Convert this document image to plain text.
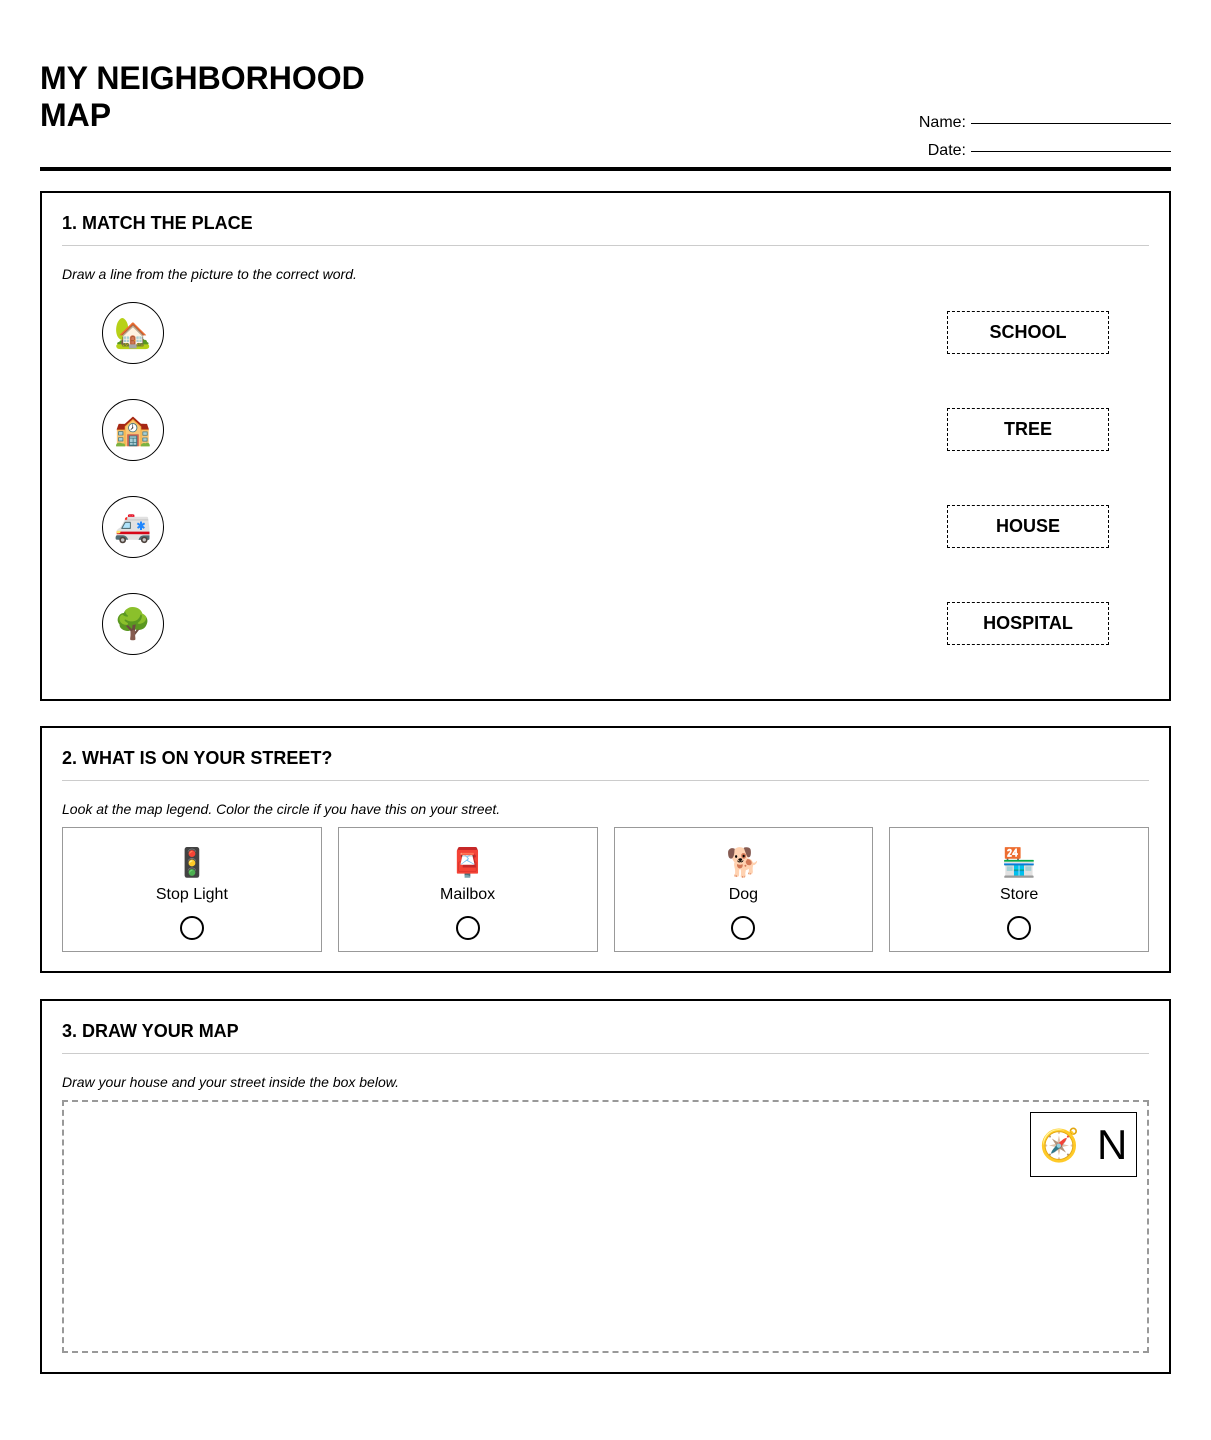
MY NEIGHBORHOOD MAP	Name:
Date:
1. MATCH THE PLACE
Draw a line from the picture to the correct word.
🏡	SCHOOL
🏫	TREE
🚑	HOUSE
🌳	HOSPITAL
2. WHAT IS ON YOUR STREET?
Look at the map legend. Color the circle if you have this on your street.
🚦
Stop Light
📮
Mailbox
🐕
Dog
🏪
Store
3. DRAW YOUR MAP
Draw your house and your street inside the box below.
🧭 N
